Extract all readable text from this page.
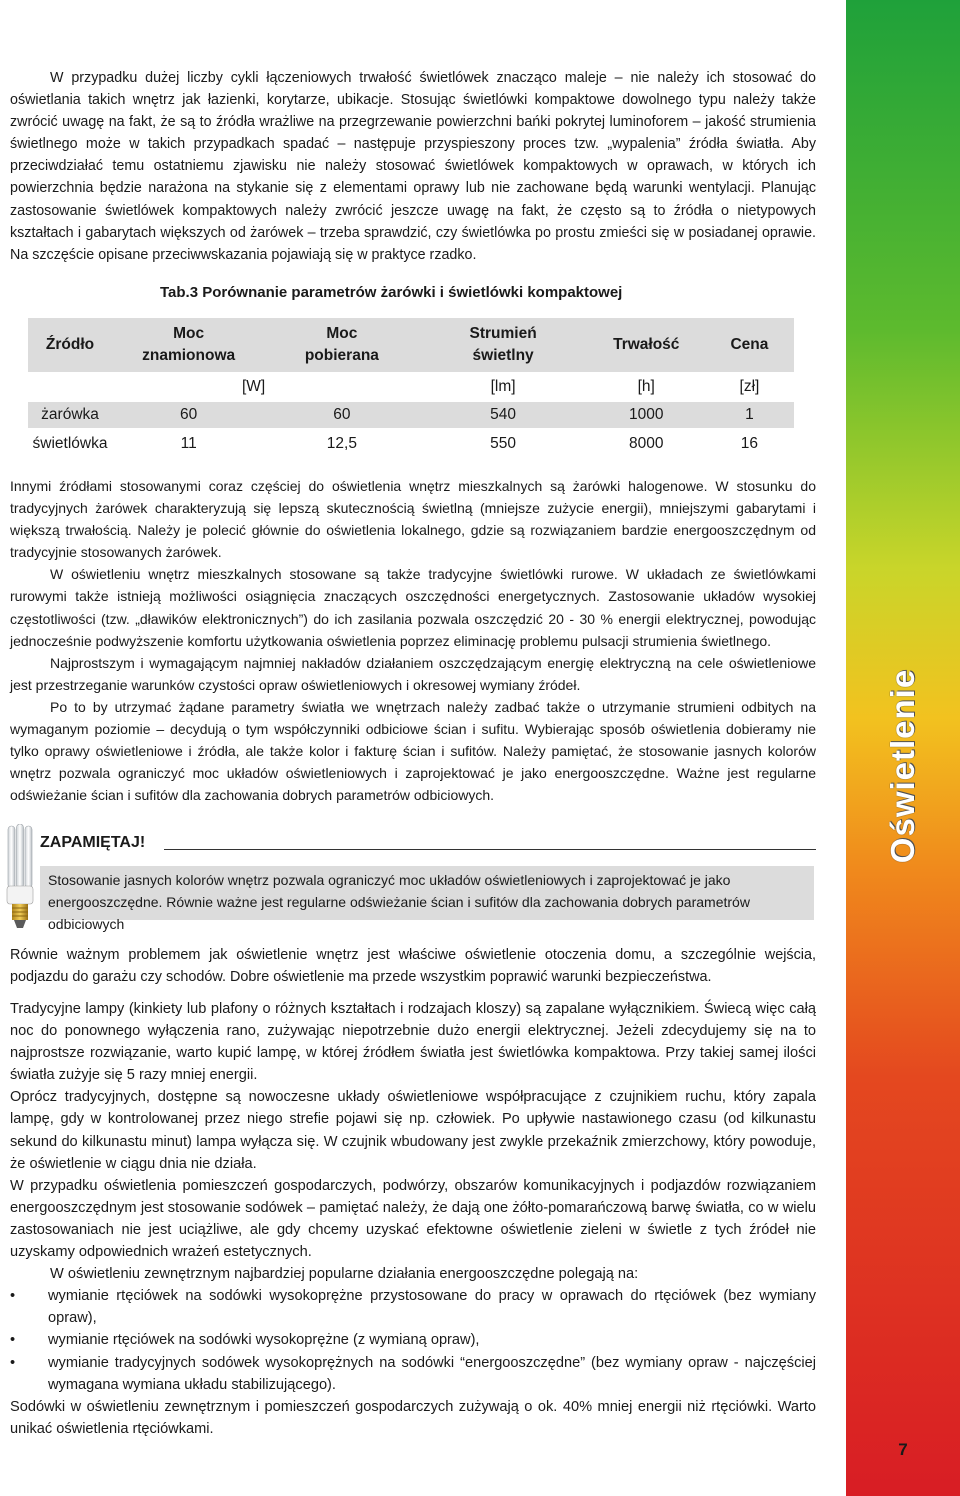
Oświetlenie
7
W przypadku dużej liczby cykli łączeniowych trwałość świetlówek znacząco maleje – nie należy ich stosować do oświetlania takich wnętrz jak łazienki, korytarze, ubikacje. Stosując świetlówki kompaktowe dowolnego typu należy także zwrócić uwagę na fakt, że są to źródła wrażliwe na przegrzewanie powierzchni bańki pokrytej luminoforem – jakość strumienia świetlnego może w takich przypadkach spadać – następuje przyspieszony proces tzw. „wypalenia” źródła światła. Aby przeciwdziałać temu ostatniemu zjawisku nie należy stosować świetlówek kompaktowych w oprawach, w których ich powierzchnia będzie narażona na stykanie się z elementami oprawy lub nie zachowane będą warunki wentylacji. Planując zastosowanie świetlówek kompaktowych należy zwrócić jeszcze uwagę na fakt, że często są to źródła o nietypowych kształtach i gabarytach większych od żarówek – trzeba sprawdzić, czy świetlówka po prostu zmieści się w posiadanej oprawie. Na szczęście opisane przeciwwskazania pojawiają się w praktyce rzadko.
Tab.3 Porównanie parametrów żarówki i świetlówki kompaktowej
Źródło	Moc znamionowa	Moc pobierana	Strumień świetlny	Trwałość	Cena
	[W]		[lm]	[h]	[zł]
żarówka	60	60	540	1000	1
świetlówka	11	12,5	550	8000	16
Innymi źródłami stosowanymi coraz częściej do oświetlenia wnętrz mieszkalnych są żarówki halogenowe. W stosunku do tradycyjnych żarówek charakteryzują się lepszą skutecznością świetlną (mniejsze zużycie energii), mniejszymi gabarytami i większą trwałością. Należy je polecić głównie do oświetlenia lokalnego, gdzie są rozwiązaniem bardzie energooszczędnym od tradycyjnie stosowanych żarówek.
W oświetleniu wnętrz mieszkalnych stosowane są także tradycyjne świetlówki rurowe. W układach ze świetlówkami rurowymi także istnieją możliwości osiągnięcia znaczących oszczędności energetycznych. Zastosowanie układów wysokiej częstotliwości (tzw. „dławików elektronicznych”) do ich zasilania pozwala oszczędzić 20 - 30 % energii elektrycznej, powodując jednocześnie podwyższenie komfortu użytkowania oświetlenia poprzez eliminację problemu pulsacji strumienia świetlnego.
Najprostszym i wymagającym najmniej nakładów działaniem oszczędzającym energię elektryczną na cele oświetleniowe jest przestrzeganie warunków czystości opraw oświetleniowych i okresowej wymiany źródeł.
Po to by utrzymać żądane parametry światła we wnętrzach należy zadbać także o utrzymanie strumieni odbitych na wymaganym poziomie – decydują o tym współczynniki odbiciowe ścian i sufitu. Wybierając sposób oświetlenia dobieramy nie tylko oprawy oświetleniowe i źródła, ale także kolor i fakturę ścian i sufitów. Należy pamiętać, że stosowanie jasnych kolorów wnętrz pozwala ograniczyć moc układów oświetleniowych i zaprojektować je jako energooszczędne. Ważne jest regularne odświeżanie ścian i sufitów dla zachowania dobrych parametrów odbiciowych.
ZAPAMIĘTAJ!
Stosowanie jasnych kolorów wnętrz pozwala ograniczyć moc układów oświetleniowych i zaprojektować je jako energooszczędne. Równie ważne jest regularne odświeżanie ścian i sufitów dla zachowania dobrych parametrów odbiciowych
Równie ważnym problemem jak oświetlenie wnętrz jest właściwe oświetlenie otoczenia domu, a szczególnie wejścia, podjazdu do garażu czy schodów. Dobre oświetlenie ma przede wszystkim poprawić warunki bezpieczeństwa.
Tradycyjne lampy (kinkiety lub plafony o różnych kształtach i rodzajach kloszy) są zapalane wyłącznikiem. Świecą więc całą noc do ponownego wyłączenia rano, zużywając niepotrzebnie dużo energii elektrycznej. Jeżeli zdecydujemy się na to najprostsze rozwiązanie, warto kupić lampę, w której źródłem światła jest świetlówka kompaktowa. Przy takiej samej ilości światła zużyje się 5 razy mniej energii.
Oprócz tradycyjnych, dostępne są nowoczesne układy oświetleniowe współpracujące z czujnikiem ruchu, który zapala lampę, gdy w kontrolowanej przez niego strefie pojawi się np. człowiek. Po upływie nastawionego czasu (od kilkunastu sekund do kilkunastu minut) lampa wyłącza się. W czujnik wbudowany jest zwykle przekaźnik zmierzchowy, który powoduje, że oświetlenie w ciągu dnia nie działa.
W przypadku oświetlenia pomieszczeń gospodarczych, podwórzy, obszarów komunikacyjnych i podjazdów rozwiązaniem energooszczędnym jest stosowanie sodówek – pamiętać należy, że dają one żółto-pomarańczową barwę światła, co w wielu zastosowaniach nie jest uciążliwe, ale gdy chcemy uzyskać efektowne oświetlenie zieleni w świetle z tych źródeł nie uzyskamy odpowiednich wrażeń estetycznych.
W oświetleniu zewnętrznym najbardziej popularne działania energooszczędne polegają na:
• wymianie rtęciówek na sodówki wysokoprężne przystosowane do pracy w oprawach do rtęciówek (bez wymiany opraw),
• wymianie rtęciówek na sodówki wysokoprężne (z wymianą opraw),
• wymianie tradycyjnych sodówek wysokoprężnych na sodówki “energooszczędne” (bez wymiany opraw - najczęściej wymagana wymiana układu stabilizującego).
Sodówki w oświetleniu zewnętrznym i pomieszczeń gospodarczych zużywają o ok. 40% mniej energii niż rtęciówki. Warto unikać oświetlenia rtęciówkami.
